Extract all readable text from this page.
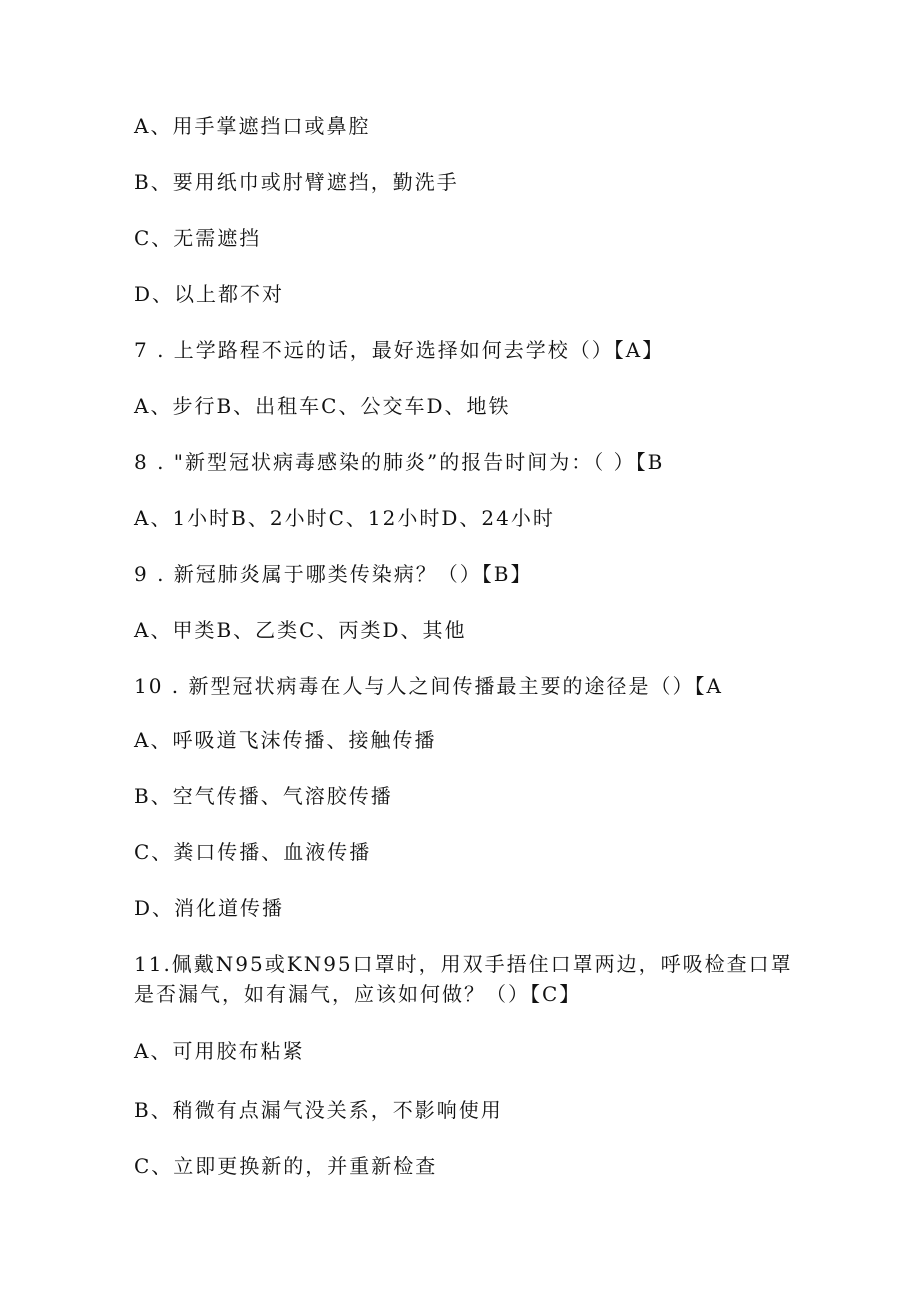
A、用手掌遮挡口或鼻腔
B、要用纸巾或肘臂遮挡，勤洗手
C、无需遮挡
D、以上都不对
7 . 上学路程不远的话，最好选择如何去学校（）【A】
A、步行B、出租车C、公交车D、地铁
8 . "新型冠状病毒感染的肺炎”的报告时间为：（ ）【B
A、1小时B、2小时C、12小时D、24小时
9 . 新冠肺炎属于哪类传染病？（）【B】
A、甲类B、乙类C、丙类D、其他
10 . 新型冠状病毒在人与人之间传播最主要的途径是（）【A
A、呼吸道飞沫传播、接触传播
B、空气传播、气溶胶传播
C、粪口传播、血液传播
D、消化道传播
11.佩戴N95或KN95口罩时，用双手捂住口罩两边，呼吸检查口罩是否漏气，如有漏气，应该如何做？（）【C】
A、可用胶布粘紧
B、稍微有点漏气没关系，不影响使用
C、立即更换新的，并重新检查
